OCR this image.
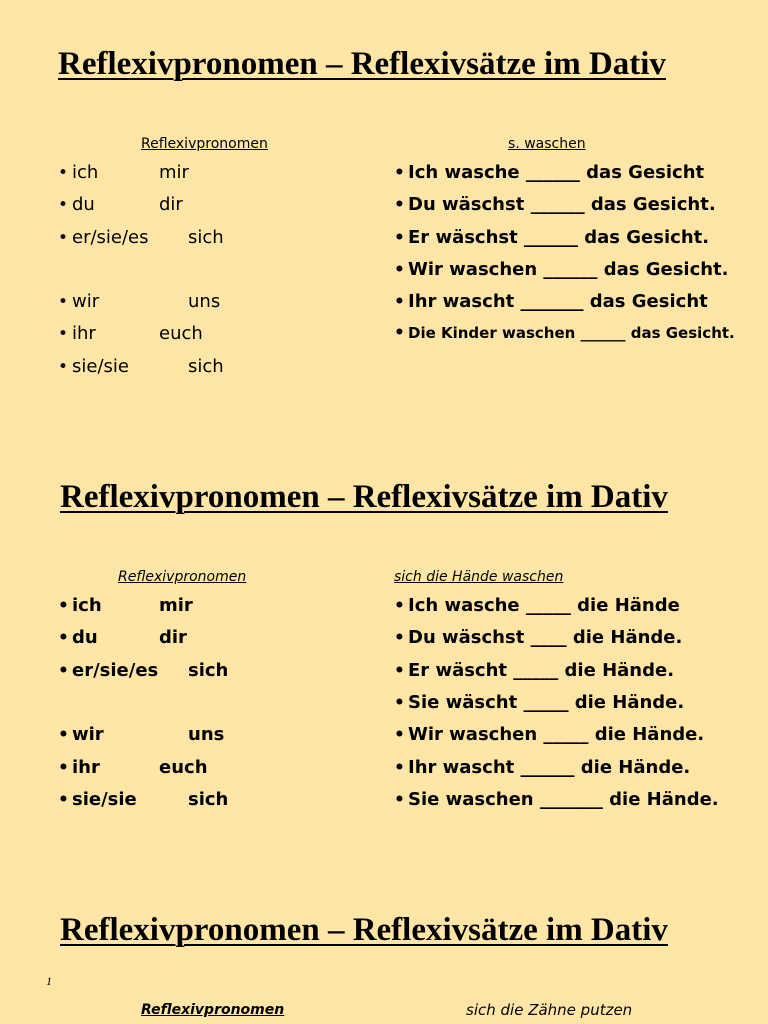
Reflexivpronomen – Reflexivsätze im Dativ
Reflexivpronomen	s. waschen
• ich	mir
• du	dir
• er/sie/es sich
• wir	uns
• ihr	euch
• sie/sie	sich
• Ich wasche ______ das Gesicht
• Du wäschst ______ das Gesicht.
• Er wäschst ______ das Gesicht.
• Wir waschen ______ das Gesicht.
• Ihr wascht _______ das Gesicht
• Die Kinder waschen ______ das Gesicht.
Reflexivpronomen – Reflexivsätze im Dativ
Reflexivpronomen	sich die Hände waschen
• ich	mir
• du	dir
• er/sie/es sich
• wir	uns
• ihr	euch
• sie/sie	sich
• Ich wasche _____ die Hände
• Du wäschst ____ die Hände.
• Er wäscht _____ die Hände.
• Sie wäscht _____ die Hände.
• Wir waschen _____ die Hände.
• Ihr wascht ______ die Hände.
• Sie waschen _______ die Hände.
Reflexivpronomen – Reflexivsätze im Dativ
1
Reflexivpronomen	sich die Zähne putzen
